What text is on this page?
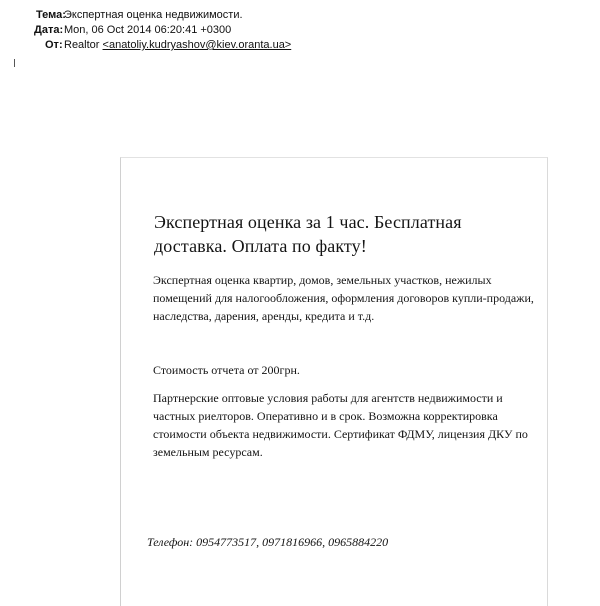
Тема:
Экспертная оценка недвижимости.
Дата: Mon, 06 Oct 2014 06:20:41 +0300
От: Realtor <anatoliy.kudryashov@kiev.oranta.ua>
Экспертная оценка за 1 час. Бесплатная доставка. Оплата по факту!
Экспертная оценка квартир, домов, земельных участков, нежилых помещений для налогообложения, оформления договоров купли-продажи, наследства, дарения, аренды, кредита и т.д.
Стоимость отчета от 200грн.
Партнерские оптовые условия работы для агентств недвижимости и частных риелторов. Оперативно и в срок. Возможна корректировка стоимости объекта недвижимости. Сертификат ФДМУ, лицензия ДКУ по земельным ресурсам.
Телефон: 0954773517, 0971816966, 0965884220
